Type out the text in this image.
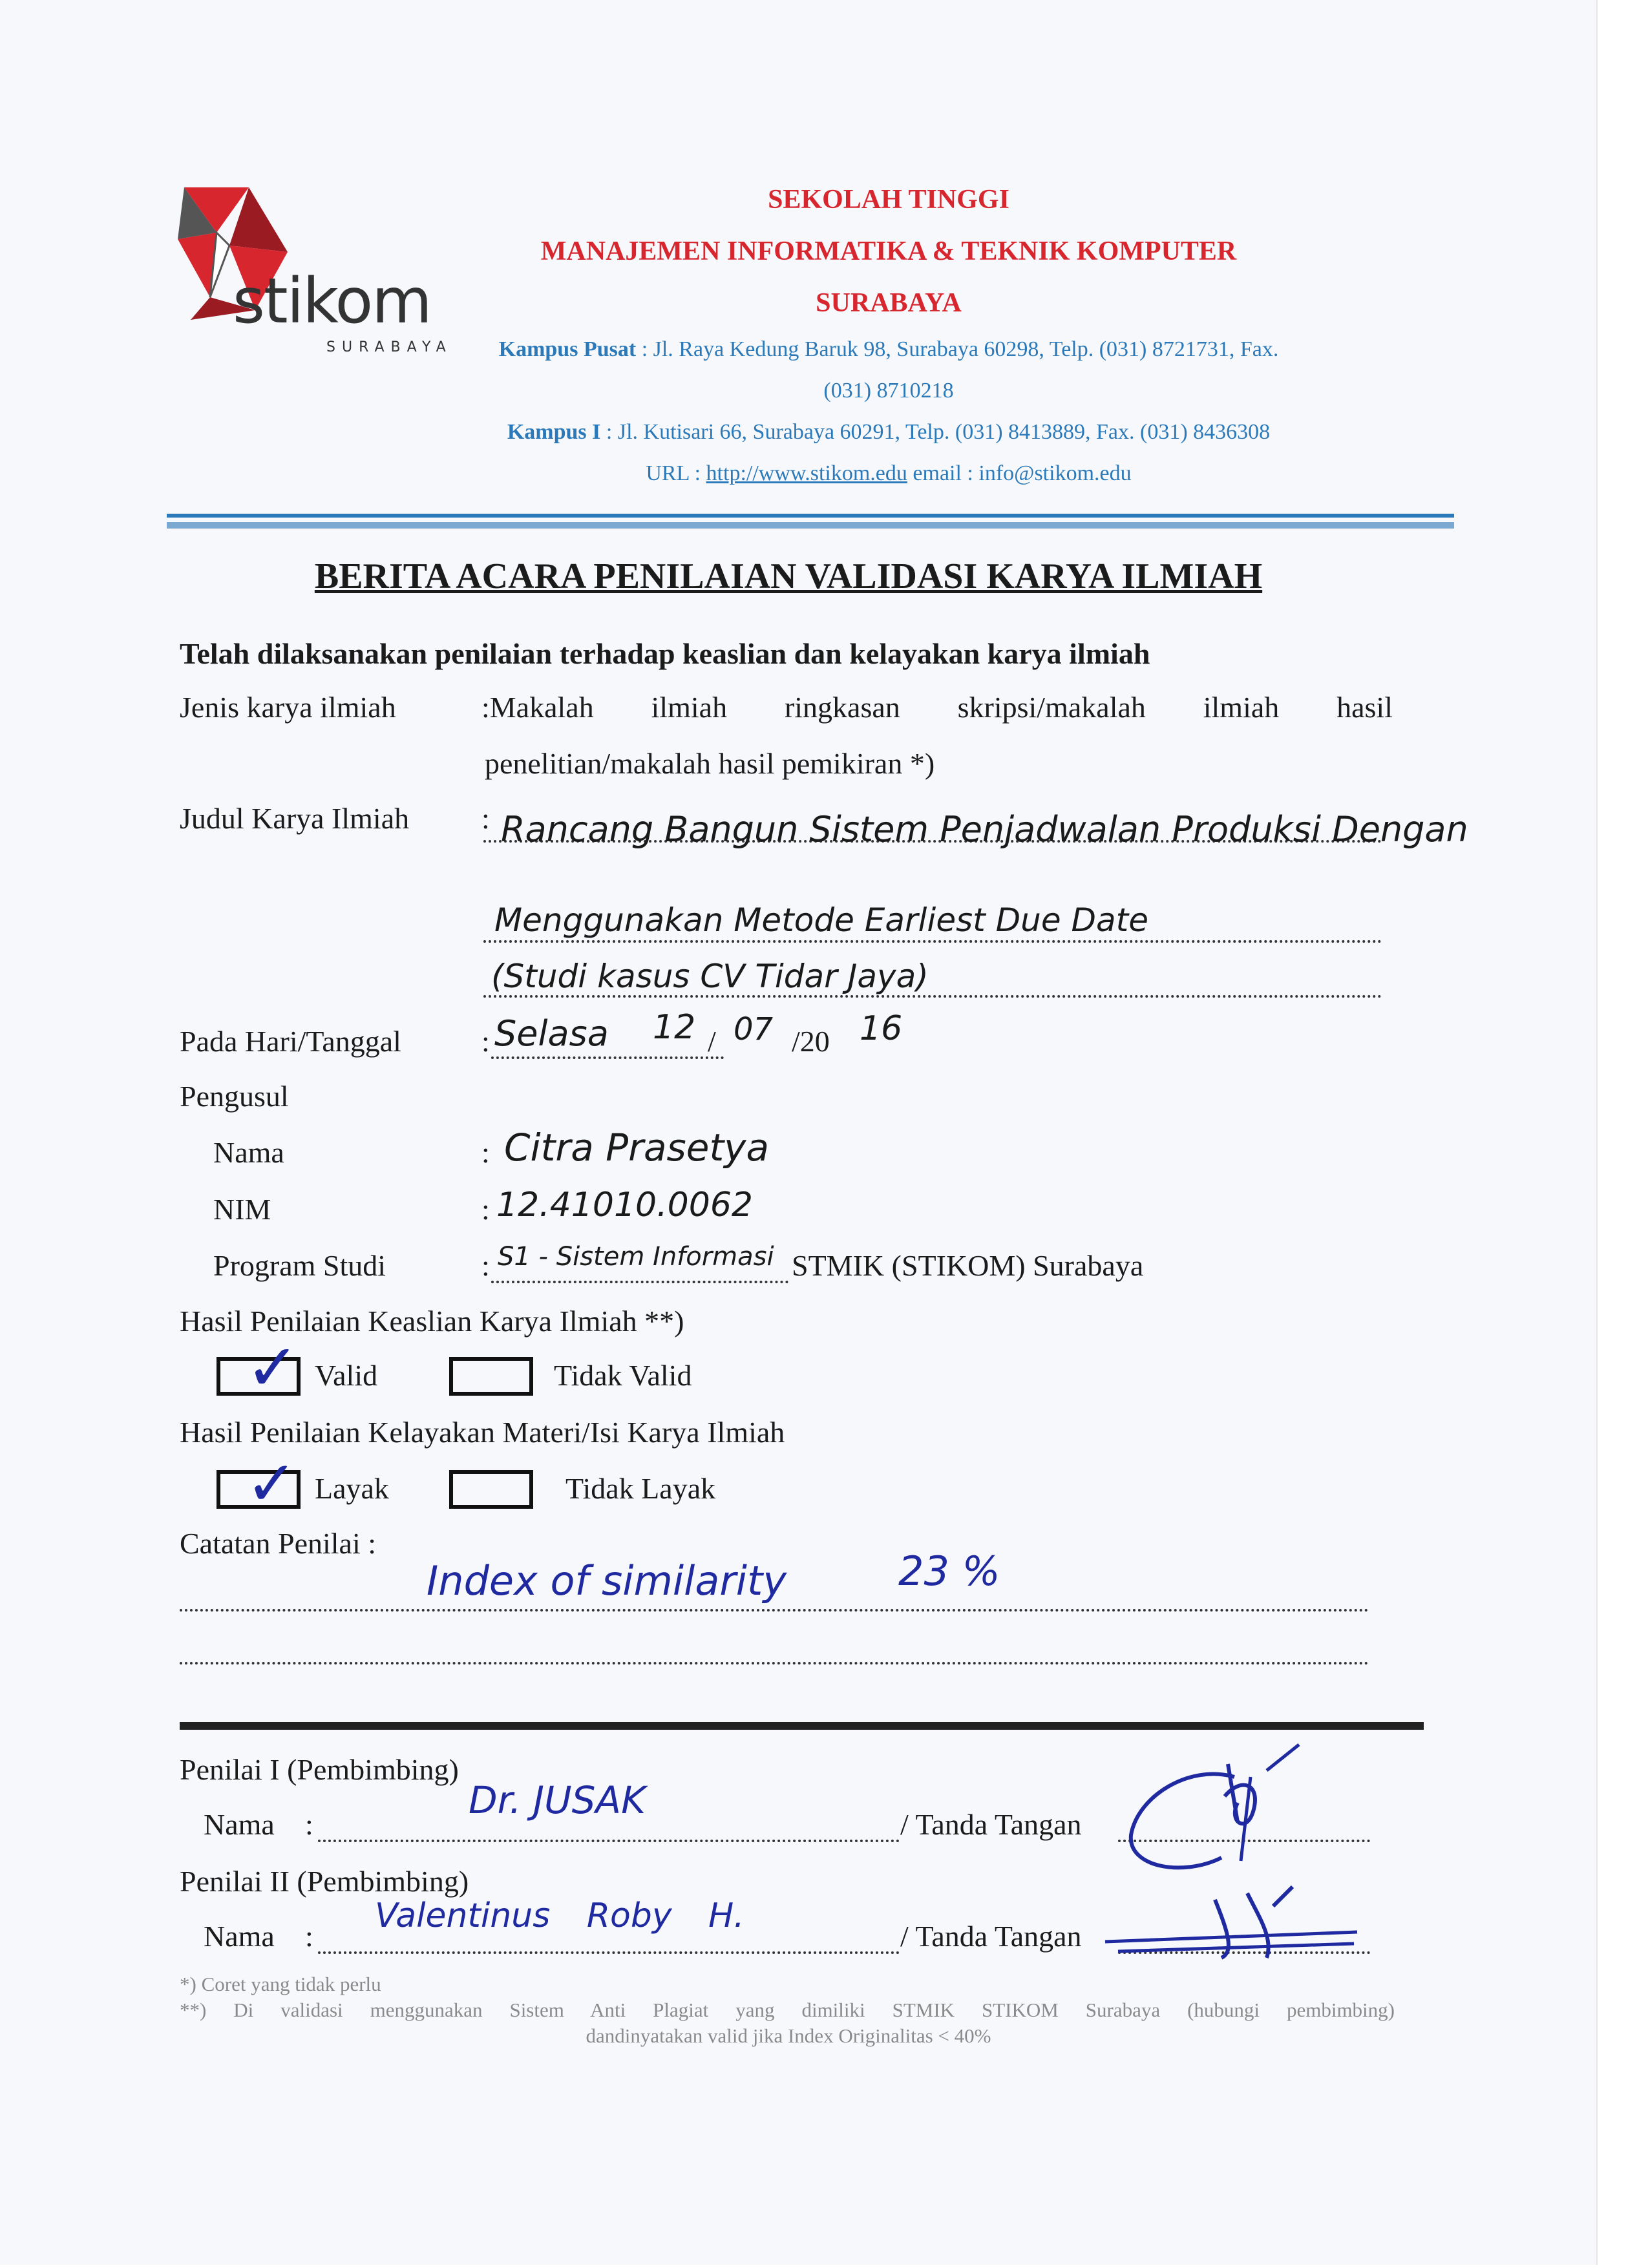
stikom
SURABAYA
SEKOLAH TINGGI
MANAJEMEN INFORMATIKA & TEKNIK KOMPUTER
SURABAYA
Kampus Pusat : Jl. Raya Kedung Baruk 98, Surabaya 60298, Telp. (031) 8721731, Fax.
(031) 8710218
Kampus I : Jl. Kutisari 66, Surabaya 60291, Telp. (031) 8413889, Fax. (031) 8436308
URL : http://www.stikom.edu email : info@stikom.edu
BERITA ACARA PENILAIAN VALIDASI KARYA ILMIAH
Telah dilaksanakan penilaian terhadap keaslian dan kelayakan karya ilmiah
Jenis karya ilmiah	:Makalah ilmiah ringkasan skripsi/makalah ilmiah hasil
penelitian/makalah hasil pemikiran *)
Judul Karya Ilmiah : Rancang Bangun Sistem Penjadwalan Produksi Dengan
Menggunakan Metode Earliest Due Date
(Studi kasus CV Tidar Jaya)
Pada Hari/Tanggal	: Selasa 12 / 07 /20 16
Pengusul
Nama	: Citra Prasetya
NIM	: 12.41010.0062
Program Studi	: S1 - Sistem Informasi STMIK (STIKOM) Surabaya
Hasil Penilaian Keaslian Karya Ilmiah **)
✓ Valid	Tidak Valid
Hasil Penilaian Kelayakan Materi/Isi Karya Ilmiah
✓ Layak	Tidak Layak
Catatan Penilai :
Index of similarity	23 %
Penilai I (Pembimbing)
Nama :
Dr. JUSAK
/ Tanda Tangan
Penilai II (Pembimbing)
Nama :
Valentinus Roby H.
/ Tanda Tangan
*) Coret yang tidak perlu
**) Di validasi menggunakan Sistem Anti Plagiat yang dimiliki STMIK STIKOM Surabaya (hubungi pembimbing)
dandinyatakan valid jika Index Originalitas < 40%
